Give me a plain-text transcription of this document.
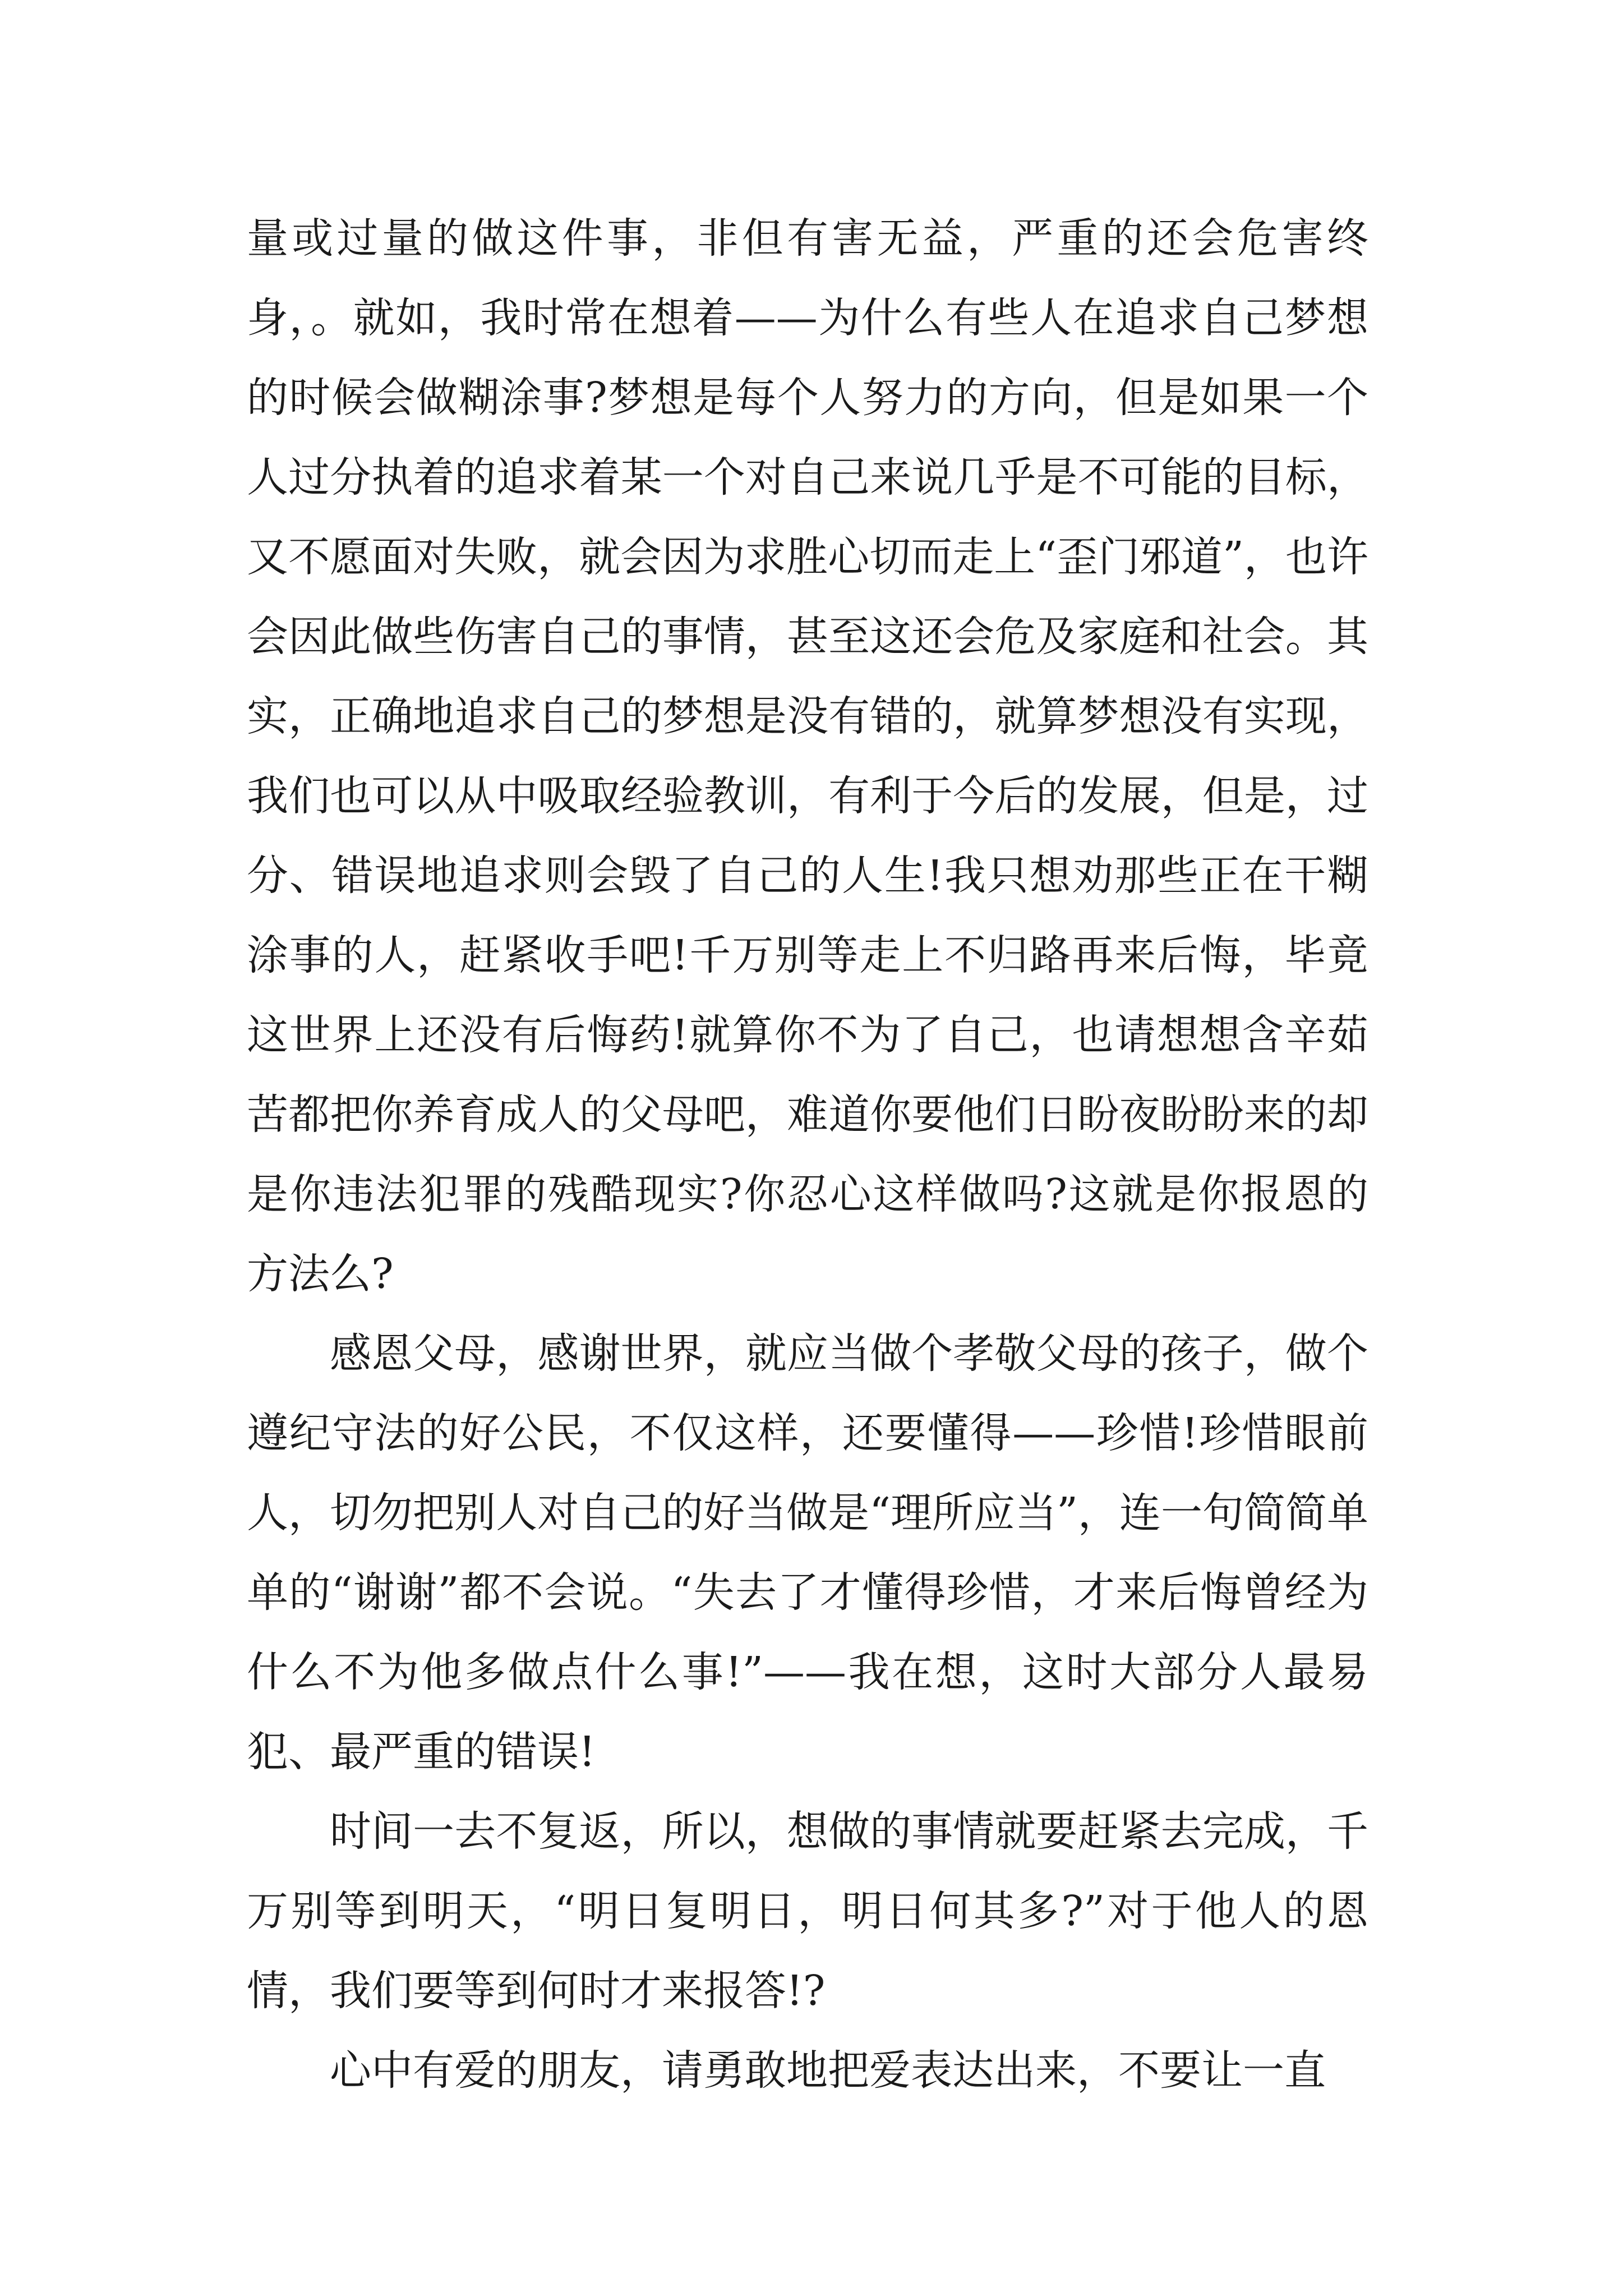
量或过量的做这件事，非但有害无益，严重的还会危害终身，。就如，我时常在想着——为什么有些人在追求自己梦想的时候会做糊涂事?梦想是每个人努力的方向，但是如果一个人过分执着的追求着某一个对自己来说几乎是不可能的目标，又不愿面对失败，就会因为求胜心切而走上“歪门邪道”，也许会因此做些伤害自己的事情，甚至这还会危及家庭和社会。其实，正确地追求自己的梦想是没有错的，就算梦想没有实现，我们也可以从中吸取经验教训，有利于今后的发展，但是，过分、错误地追求则会毁了自己的人生!我只想劝那些正在干糊涂事的人，赶紧收手吧!千万别等走上不归路再来后悔，毕竟这世界上还没有后悔药!就算你不为了自己，也请想想含辛茹苦都把你养育成人的父母吧，难道你要他们日盼夜盼盼来的却是你违法犯罪的残酷现实?你忍心这样做吗?这就是你报恩的方法么?

感恩父母，感谢世界，就应当做个孝敬父母的孩子，做个遵纪守法的好公民，不仅这样，还要懂得——珍惜!珍惜眼前人，切勿把别人对自己的好当做是“理所应当”，连一句简简单单的“谢谢”都不会说。“失去了才懂得珍惜，才来后悔曾经为什么不为他多做点什么事!”——我在想，这时大部分人最易犯、最严重的错误!

时间一去不复返，所以，想做的事情就要赶紧去完成，千万别等到明天，“明日复明日，明日何其多?”对于他人的恩情，我们要等到何时才来报答!?

心中有爱的朋友，请勇敢地把爱表达出来，不要让一直
